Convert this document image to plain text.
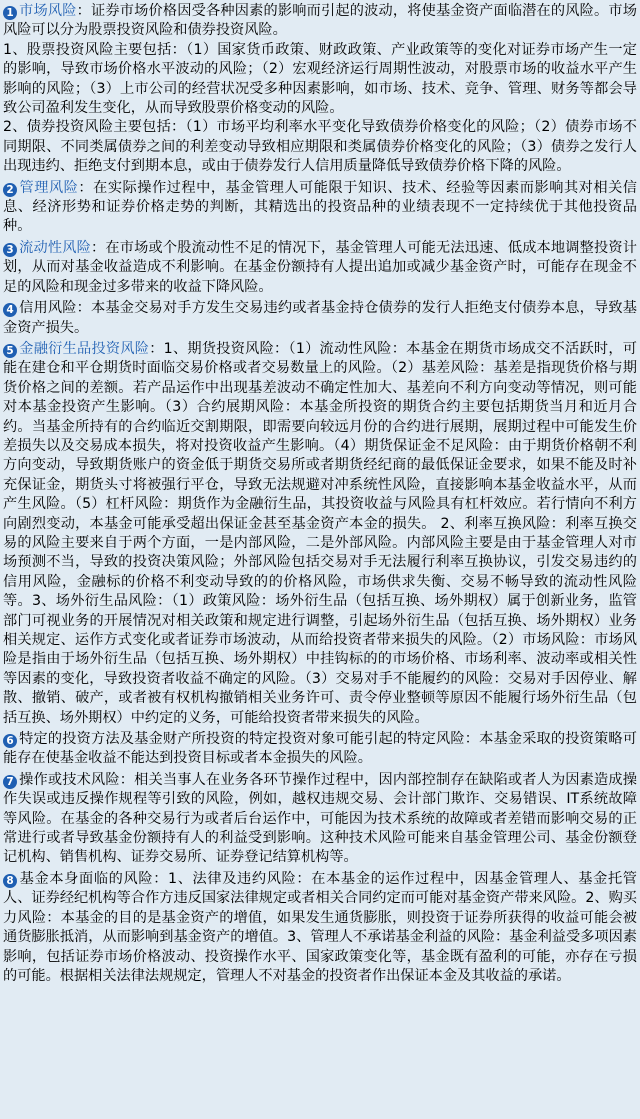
1 市场风险：证券市场价格因受各种因素的影响而引起的波动，将使基金资产面临潜在的风险。市场风险可以分为股票投资风险和债券投资风险。

1、股票投资风险主要包括：（1）国家货币政策、财政政策、产业政策等的变化对证券市场产生一定的影响，导致市场价格水平波动的风险；（2）宏观经济运行周期性波动，对股票市场的收益水平产生影响的风险；（3）上市公司的经营状况受多种因素影响，如市场、技术、竞争、管理、财务等都会导致公司盈利发生变化，从而导致股票价格变动的风险。

2、债券投资风险主要包括：（1）市场平均利率水平变化导致债券价格变化的风险；（2）债券市场不同期限、不同类属债券之间的利差变动导致相应期限和类属债券价格变化的风险；（3）债券之发行人出现违约、拒绝支付到期本息，或由于债券发行人信用质量降低导致债券价格下降的风险。

2 管理风险：在实际操作过程中，基金管理人可能限于知识、技术、经验等因素而影响其对相关信息、经济形势和证券价格走势的判断，其精选出的投资品种的业绩表现不一定持续优于其他投资品种。

3 流动性风险：在市场或个股流动性不足的情况下，基金管理人可能无法迅速、低成本地调整投资计划，从而对基金收益造成不利影响。在基金份额持有人提出追加或减少基金资产时，可能存在现金不足的风险和现金过多带来的收益下降风险。

4 信用风险：本基金交易对手方发生交易违约或者基金持仓债券的发行人拒绝支付债券本息，导致基金资产损失。

5 金融衍生品投资风险：1、期货投资风险：（1）流动性风险：本基金在期货市场成交不活跃时，可能在建仓和平仓期货时面临交易价格或者交易数量上的风险。（2）基差风险：基差是指现货价格与期货价格之间的差额。若产品运作中出现基差波动不确定性加大、基差向不利方向变动等情况，则可能对本基金投资产生影响。（3）合约展期风险：本基金所投资的期货合约主要包括期货当月和近月合约。当基金所持有的合约临近交割期限，即需要向较远月份的合约进行展期，展期过程中可能发生价差损失以及交易成本损失，将对投资收益产生影响。（4）期货保证金不足风险：由于期货价格朝不利方向变动，导致期货账户的资金低于期货交易所或者期货经纪商的最低保证金要求，如果不能及时补充保证金，期货头寸将被强行平仓，导致无法规避对冲系统性风险，直接影响本基金收益水平，从而产生风险。（5）杠杆风险：期货作为金融衍生品，其投资收益与风险具有杠杆效应。若行情向不利方向剧烈变动，本基金可能承受超出保证金甚至基金资产本金的损失。 2、利率互换风险：利率互换交易的风险主要来自于两个方面，一是内部风险，二是外部风险。内部风险主要是由于基金管理人对市场预测不当，导致的投资决策风险；外部风险包括交易对手无法履行利率互换协议，引发交易违约的信用风险，金融标的价格不利变动导致的的价格风险，市场供求失衡、交易不畅导致的流动性风险等。3、场外衍生品风险：（1）政策风险：场外衍生品（包括互换、场外期权）属于创新业务，监管部门可视业务的开展情况对相关政策和规定进行调整，引起场外衍生品（包括互换、场外期权）业务相关规定、运作方式变化或者证券市场波动，从而给投资者带来损失的风险。（2）市场风险：市场风险是指由于场外衍生品（包括互换、场外期权）中挂钩标的的市场价格、市场利率、波动率或相关性等因素的变化，导致投资者收益不确定的风险。（3）交易对手不能履约的风险：交易对手因停业、解散、撤销、破产，或者被有权机构撤销相关业务许可、责令停业整顿等原因不能履行场外衍生品（包括互换、场外期权）中约定的义务，可能给投资者带来损失的风险。

6 特定的投资方法及基金财产所投资的特定投资对象可能引起的特定风险：本基金采取的投资策略可能存在使基金收益不能达到投资目标或者本金损失的风险。

7 操作或技术风险：相关当事人在业务各环节操作过程中，因内部控制存在缺陷或者人为因素造成操作失误或违反操作规程等引致的风险，例如，越权违规交易、会计部门欺诈、交易错误、IT系统故障等风险。在基金的各种交易行为或者后台运作中，可能因为技术系统的故障或者差错而影响交易的正常进行或者导致基金份额持有人的利益受到影响。这种技术风险可能来自基金管理公司、基金份额登记机构、销售机构、证券交易所、证券登记结算机构等。

8 基金本身面临的风险：1、法律及违约风险：在本基金的运作过程中，因基金管理人、基金托管人、证券经纪机构等合作方违反国家法律规定或者相关合同约定而可能对基金资产带来风险。2、购买力风险：本基金的目的是基金资产的增值，如果发生通货膨胀，则投资于证券所获得的收益可能会被通货膨胀抵消，从而影响到基金资产的增值。3、管理人不承诺基金利益的风险：基金利益受多项因素影响，包括证券市场价格波动、投资操作水平、国家政策变化等，基金既有盈利的可能，亦存在亏损的可能。根据相关法律法规规定，管理人不对基金的投资者作出保证本金及其收益的承诺。
